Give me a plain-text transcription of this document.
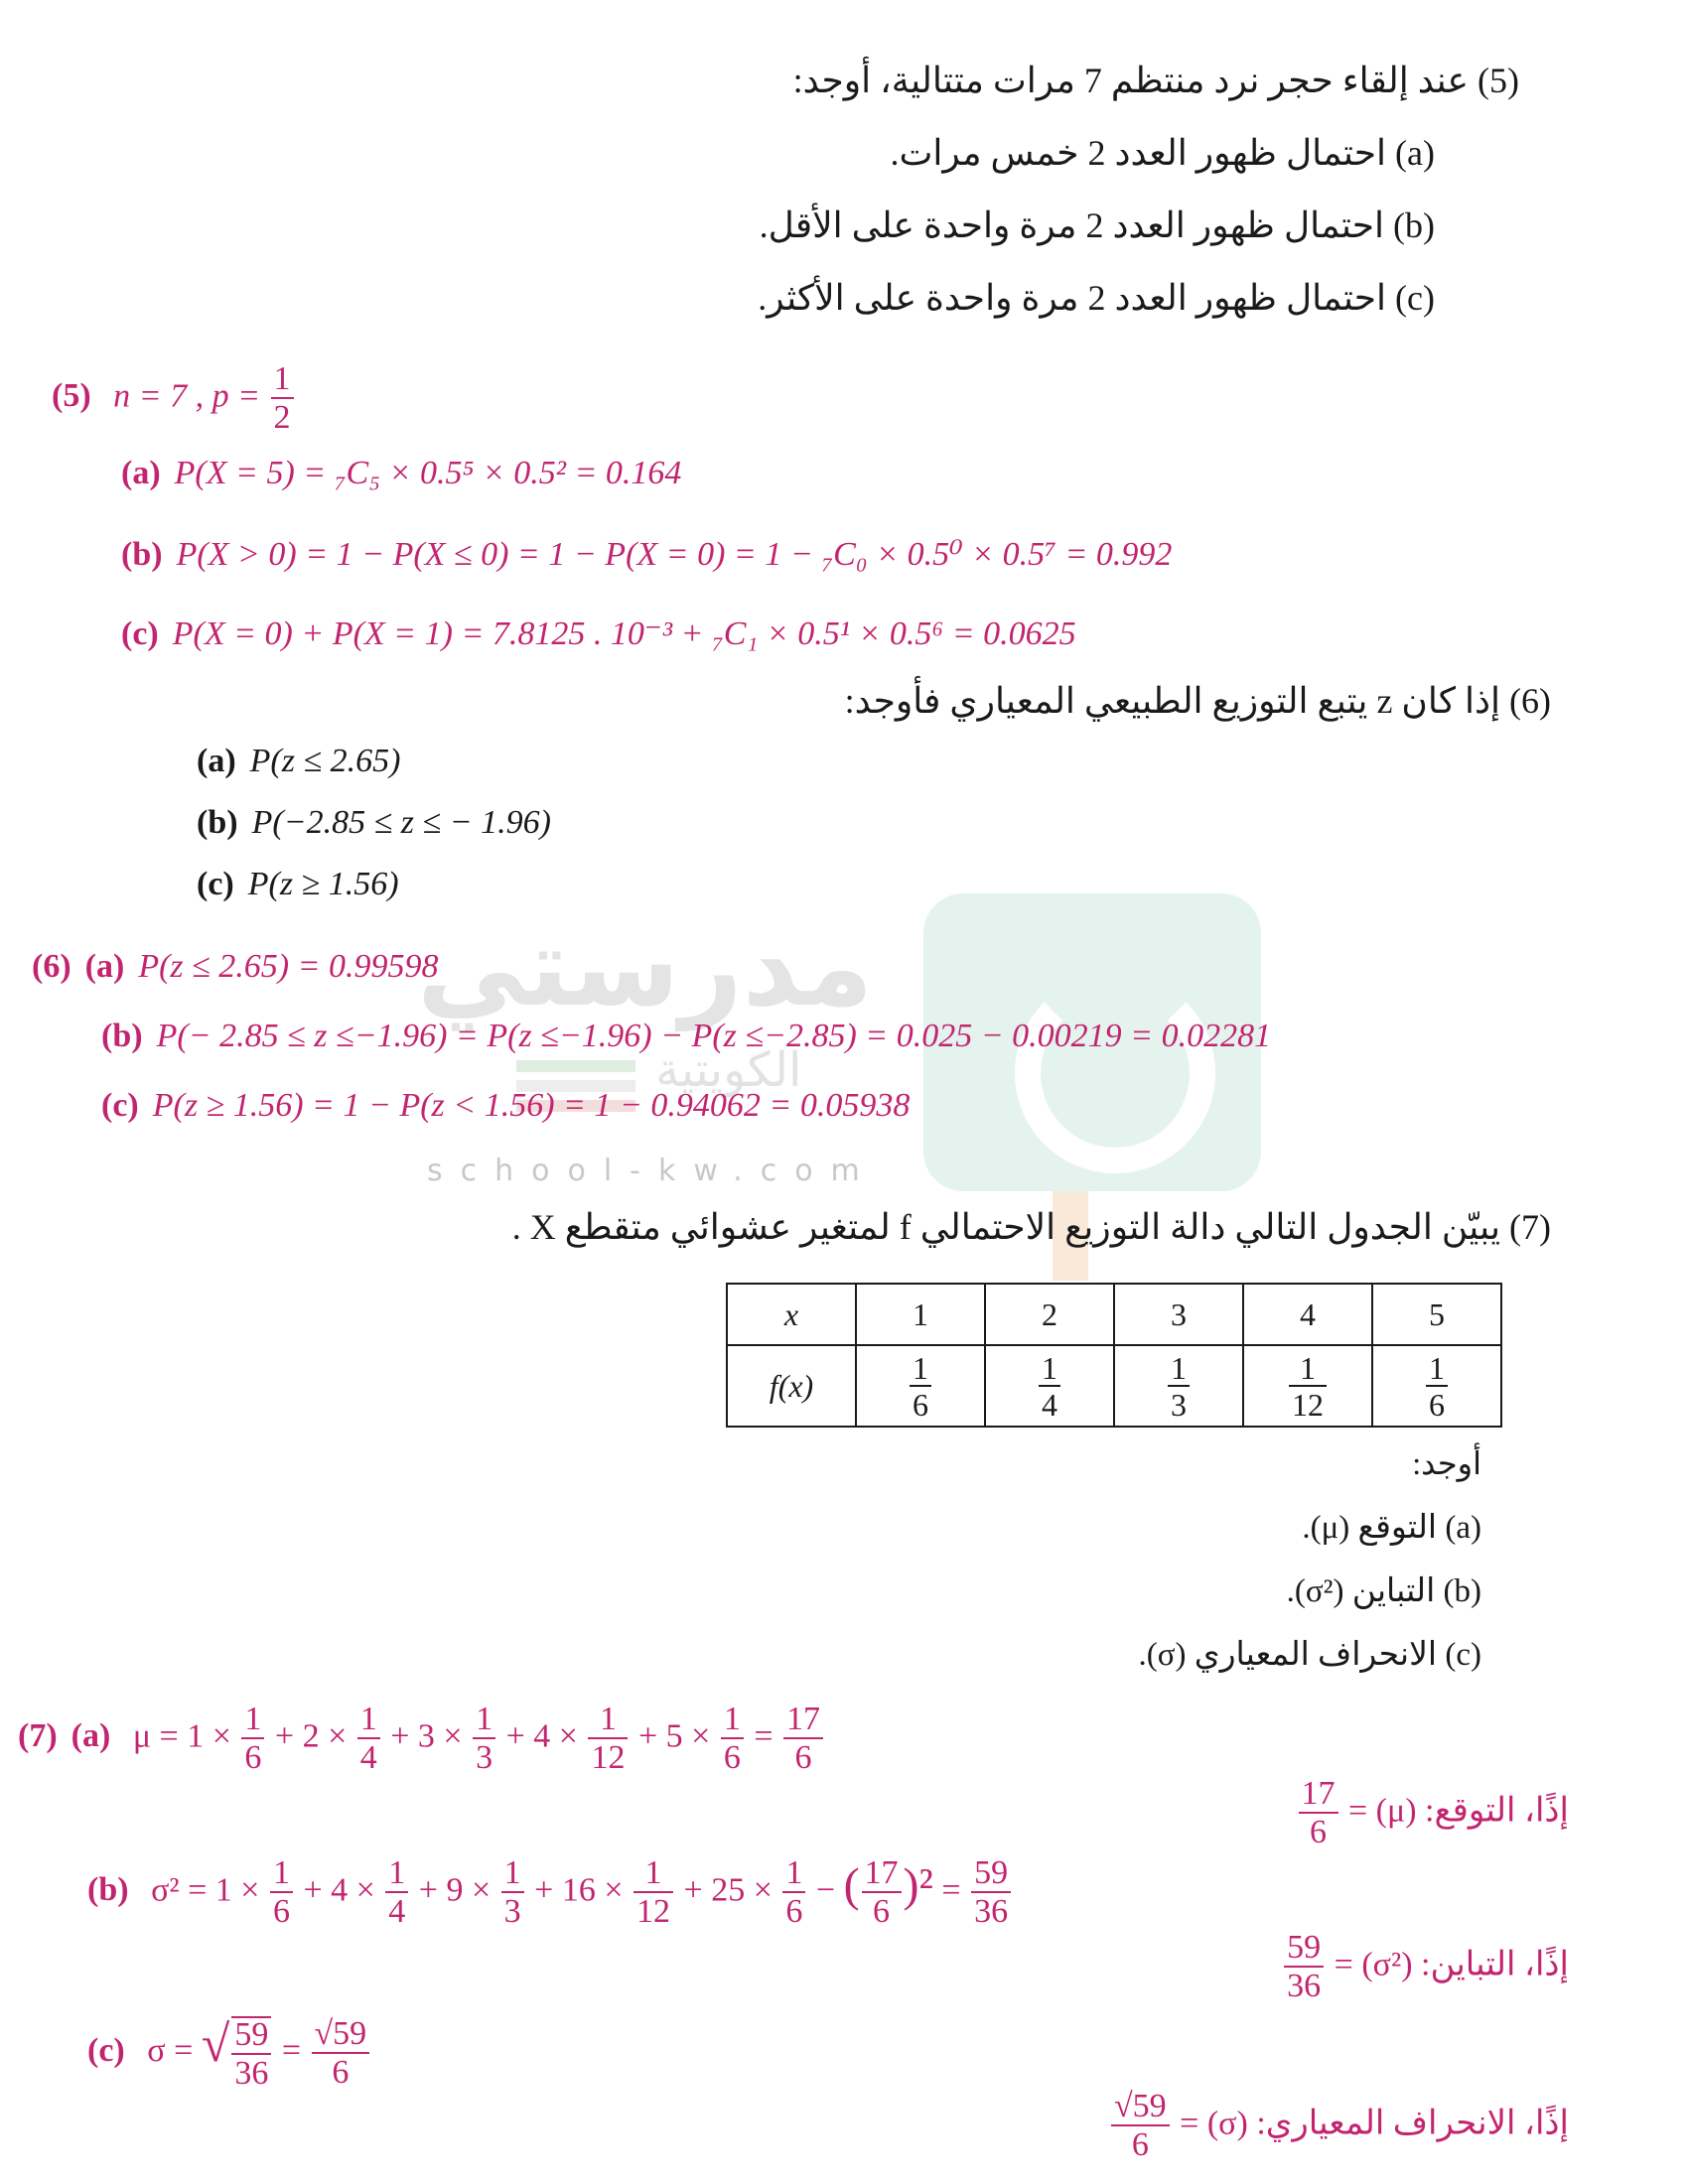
مدرستي
الكويتية
school-kw.com
(5) عند إلقاء حجر نرد منتظم 7 مرات متتالية، أوجد:
(a) احتمال ظهور العدد 2 خمس مرات.
(b) احتمال ظهور العدد 2 مرة واحدة على الأقل.
(c) احتمال ظهور العدد 2 مرة واحدة على الأكثر.
(5) n = 7 , $p = \frac{1}{2}$
(a) P(X = 5) = ₇C₅ × 0.5⁵ × 0.5² = 0.164
(b) P(X > 0) = 1 − P(X ≤ 0) = 1 − P(X = 0) = 1 − ₇C₀ × 0.5⁰ × 0.5⁷ = 0.992
(c) P(X = 0) + P(X = 1) = 7.8125 . 10⁻³ + ₇C₁ × 0.5¹ × 0.5⁶ = 0.0625
(6) إذا كان z يتبع التوزيع الطبيعي المعياري فأوجد:
(a) P(z ≤ 2.65)
(b) P(−2.85 ≤ z ≤ − 1.96)
(c) P(z ≥ 1.56)
(6) (a) P(z ≤ 2.65) = 0.99598
(b) P(− 2.85 ≤ z ≤−1.96) = P(z ≤−1.96) − P(z ≤−2.85) = 0.025 − 0.00219 = 0.02281
(c) P(z ≥ 1.56) = 1 − P(z < 1.56) = 1 − 0.94062 = 0.05938
(7) يبيّن الجدول التالي دالة التوزيع الاحتمالي f لمتغير عشوائي متقطع X .
x	1	2	3	4	5
f(x)	$\frac{1}{6}$	$\frac{1}{4}$	$\frac{1}{3}$	$\frac{1}{12}$	$\frac{1}{6}$
أوجد:
(a) التوقع (μ).
(b) التباين (σ²).
(c) الانحراف المعياري (σ).
(7) (a) $\mu = 1 \times \frac{1}{6} + 2 \times \frac{1}{4} + 3 \times \frac{1}{3} + 4 \times \frac{1}{12} + 5 \times \frac{1}{6} = \frac{17}{6}$
إذًا، التوقع: (μ) =
$\frac{17}{6}$
(b) $\sigma^2 = 1 \times \frac{1}{6} + 4 \times \frac{1}{4} + 9 \times \frac{1}{3} + 16 \times \frac{1}{12} + 25 \times \frac{1}{6}$ − ( $\frac{17}{6} )^2 = \frac{59}{36}$
إذًا، التباين: (σ²) =
$\frac{59}{36}$
(c) σ = √ $\frac{59}{36} = \frac{√59}{6}$
إذًا، الانحراف المعياري: (σ) =
$\frac{√59}{6}$
